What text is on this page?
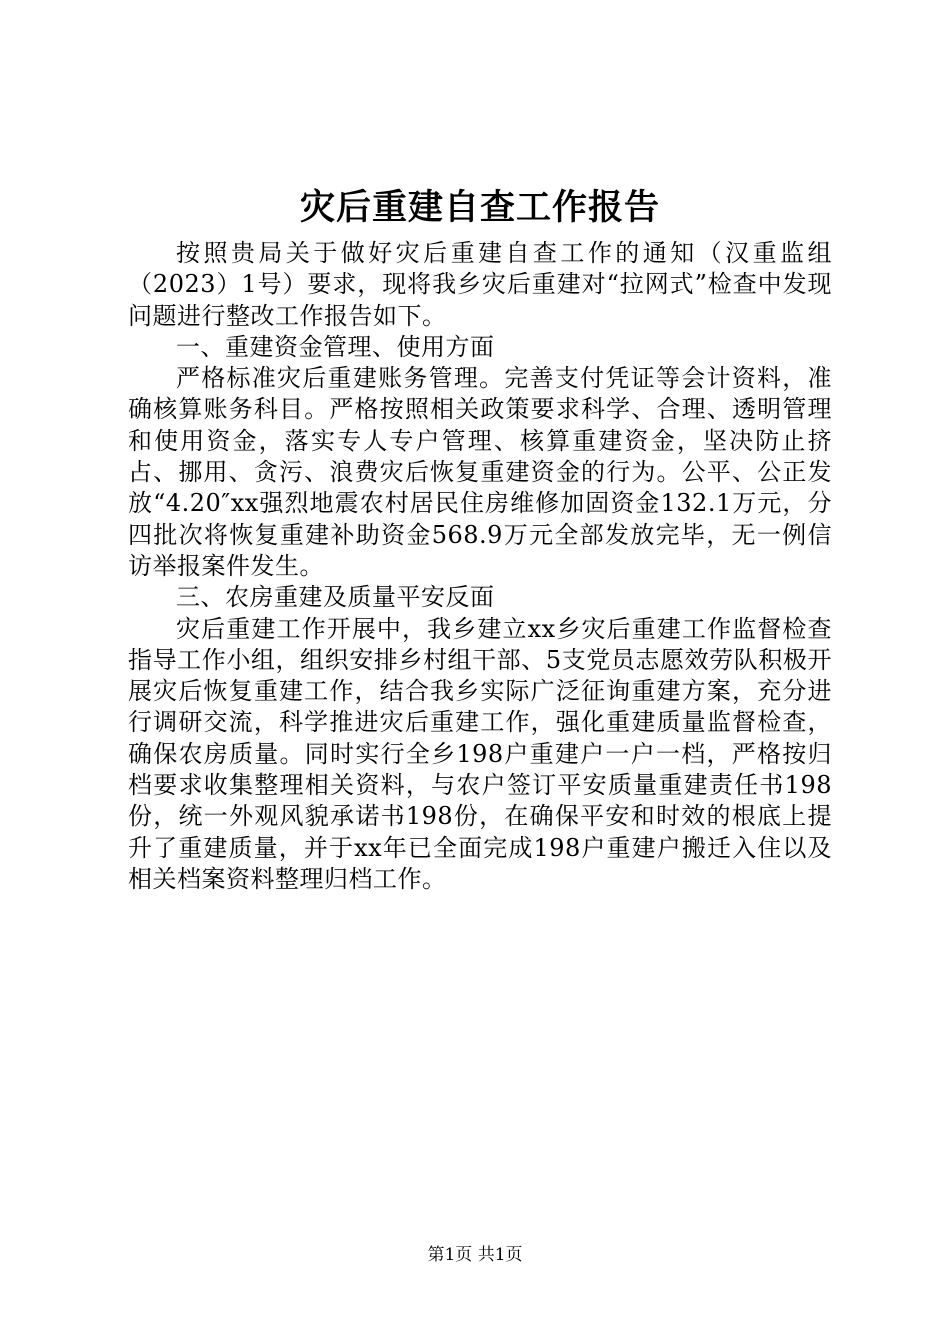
灾后重建自查工作报告

按照贵局关于做好灾后重建自查工作的通知（汉重监组（2023）1号）要求，现将我乡灾后重建对“拉网式”检查中发现问题进行整改工作报告如下。

一、重建资金管理、使用方面

严格标准灾后重建账务管理。完善支付凭证等会计资料，准确核算账务科目。严格按照相关政策要求科学、合理、透明管理和使用资金，落实专人专户管理、核算重建资金，坚决防止挤占、挪用、贪污、浪费灾后恢复重建资金的行为。公平、公正发放“4.20″xx强烈地震农村居民住房维修加固资金132.1万元，分四批次将恢复重建补助资金568.9万元全部发放完毕，无一例信访举报案件发生。

三、农房重建及质量平安反面

灾后重建工作开展中，我乡建立xx乡灾后重建工作监督检查指导工作小组，组织安排乡村组干部、5支党员志愿效劳队积极开展灾后恢复重建工作，结合我乡实际广泛征询重建方案，充分进行调研交流，科学推进灾后重建工作，强化重建质量监督检查，确保农房质量。同时实行全乡198户重建户一户一档，严格按归档要求收集整理相关资料，与农户签订平安质量重建责任书198份，统一外观风貌承诺书198份，在确保平安和时效的根底上提升了重建质量，并于xx年已全面完成198户重建户搬迁入住以及相关档案资料整理归档工作。

第1页 共1页
